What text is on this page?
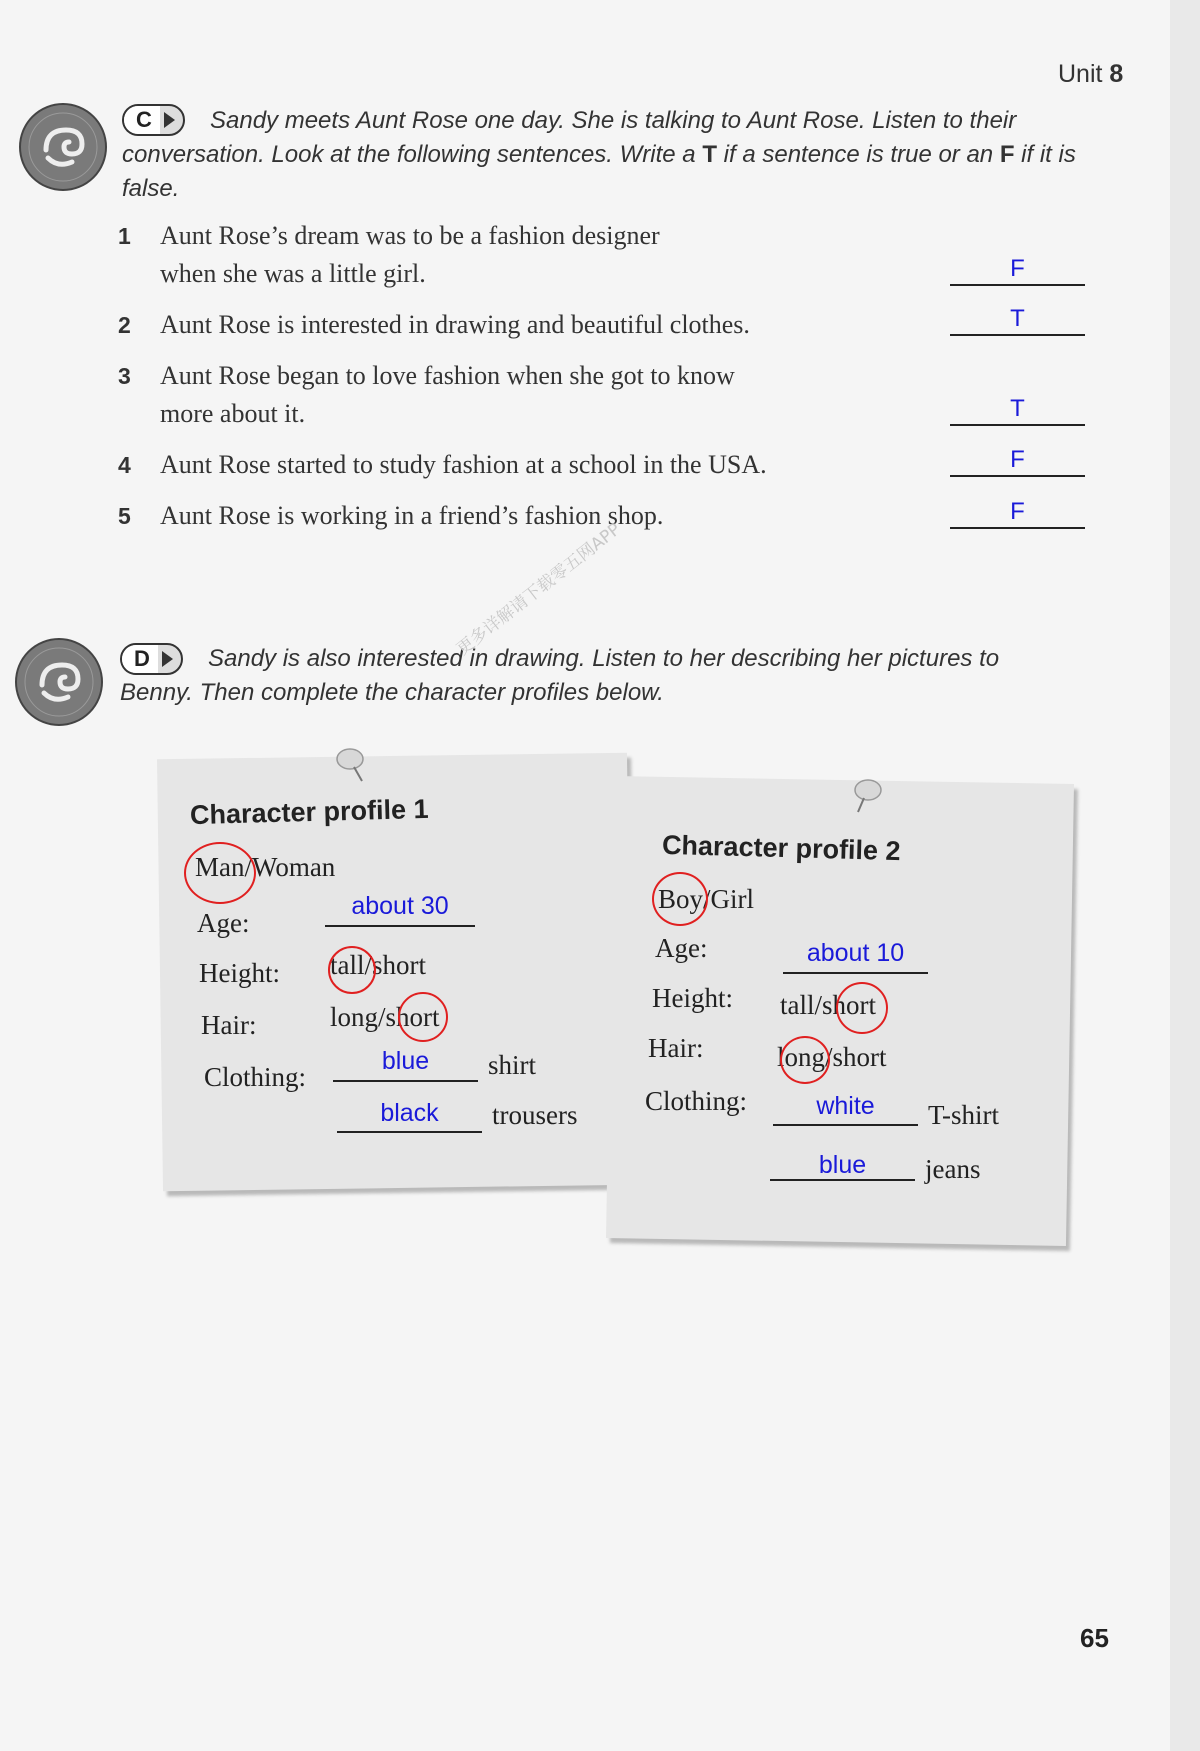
Unit 8
C	Sandy meets Aunt Rose one day. She is talking to Aunt Rose. Listen to their conversation. Look at the following sentences. Write a T if a sentence is true or an F if it is false.
1 Aunt Rose’s dream was to be a fashion designer
when she was a little girl.	F
2 Aunt Rose is interested in drawing and beautiful clothes.	T
3 Aunt Rose began to love fashion when she got to know
more about it.	T
4 Aunt Rose started to study fashion at a school in the USA.	F
5 Aunt Rose is working in a friend’s fashion shop.	F
D	Sandy is also interested in drawing. Listen to her describing her pictures to Benny. Then complete the character profiles below.
更多详解请下载零五网APP
Character profile 1
Man/Woman
Age:
about 30
Height: tall/short
Hair:	long/short
Clothing:
blue	shirt
black	trousers
Character profile 2
Boy/Girl
Age:	about 10
Height: tall/short
Hair:	long/short
Clothing:	white	T-shirt
blue	jeans
65
